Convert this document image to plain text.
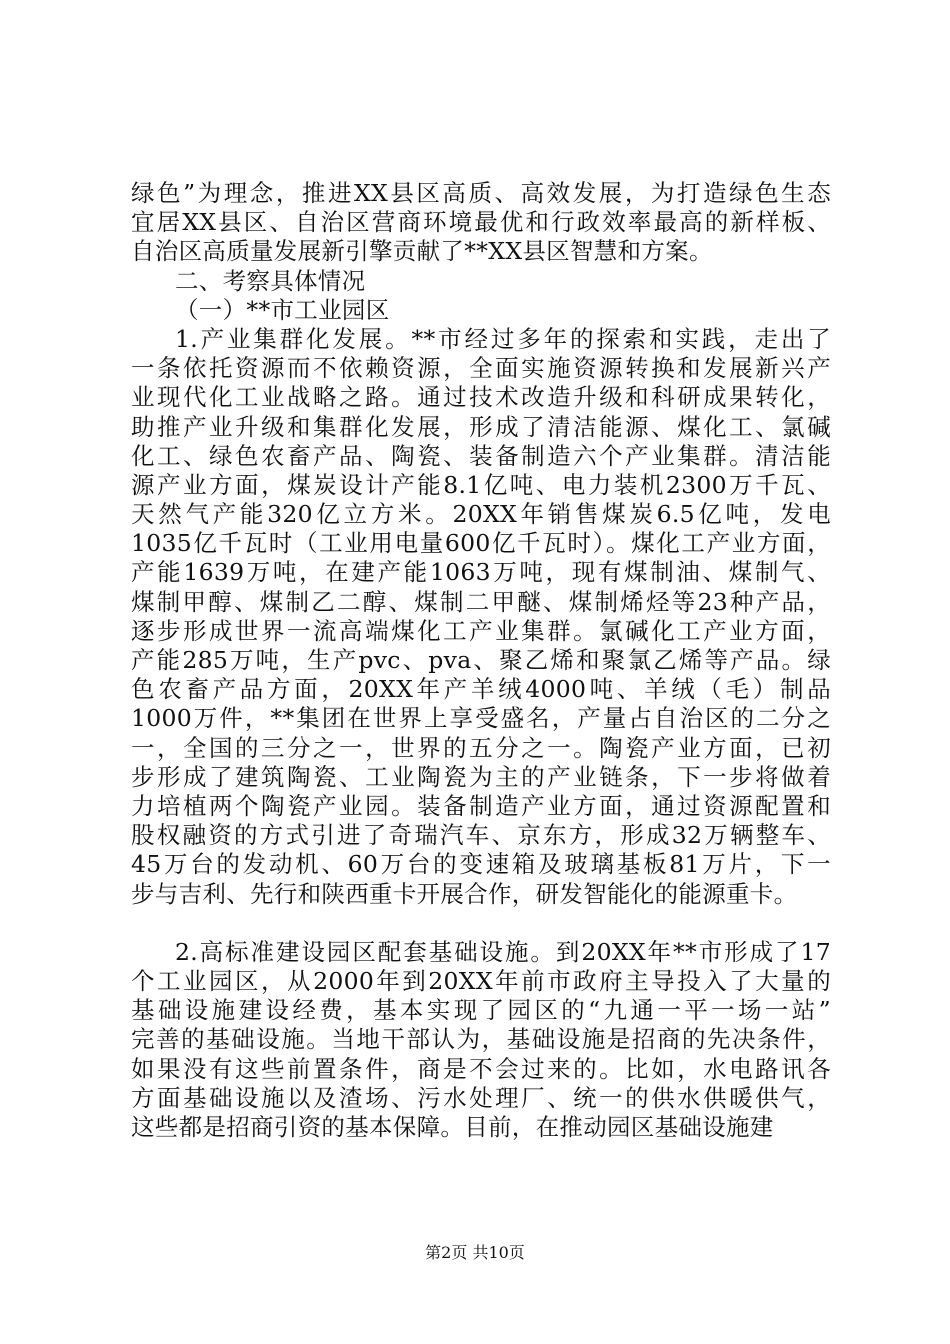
绿色”为理念，推进XX县区高质、高效发展，为打造绿色生态
宜居XX县区、自治区营商环境最优和行政效率最高的新样板、
自治区高质量发展新引擎贡献了**XX县区智慧和方案。
二、考察具体情况
（一）**市工业园区
1.产业集群化发展。**市经过多年的探索和实践，走出了
一条依托资源而不依赖资源，全面实施资源转换和发展新兴产
业现代化工业战略之路。通过技术改造升级和科研成果转化，
助推产业升级和集群化发展，形成了清洁能源、煤化工、氯碱
化工、绿色农畜产品、陶瓷、装备制造六个产业集群。清洁能
源产业方面，煤炭设计产能8.1亿吨、电力装机2300万千瓦、
天然气产能320亿立方米。20XX年销售煤炭6.5亿吨，发电
1035亿千瓦时（工业用电量600亿千瓦时）。煤化工产业方面，
产能1639万吨，在建产能1063万吨，现有煤制油、煤制气、
煤制甲醇、煤制乙二醇、煤制二甲醚、煤制烯烃等23种产品，
逐步形成世界一流高端煤化工产业集群。氯碱化工产业方面，
产能285万吨，生产pvc、pva、聚乙烯和聚氯乙烯等产品。绿
色农畜产品方面，20XX年产羊绒4000吨、羊绒（毛）制品
1000万件，**集团在世界上享受盛名，产量占自治区的二分之
一，全国的三分之一，世界的五分之一。陶瓷产业方面，已初
步形成了建筑陶瓷、工业陶瓷为主的产业链条，下一步将做着
力培植两个陶瓷产业园。装备制造产业方面，通过资源配置和
股权融资的方式引进了奇瑞汽车、京东方，形成32万辆整车、
45万台的发动机、60万台的变速箱及玻璃基板81万片，下一
步与吉利、先行和陕西重卡开展合作，研发智能化的能源重卡。
2.高标准建设园区配套基础设施。到20XX年**市形成了17
个工业园区，从2000年到20XX年前市政府主导投入了大量的
基础设施建设经费，基本实现了园区的“九通一平一场一站”
完善的基础设施。当地干部认为，基础设施是招商的先决条件，
如果没有这些前置条件，商是不会过来的。比如，水电路讯各
方面基础设施以及渣场、污水处理厂、统一的供水供暖供气，
这些都是招商引资的基本保障。目前，在推动园区基础设施建
第2页 共10页
